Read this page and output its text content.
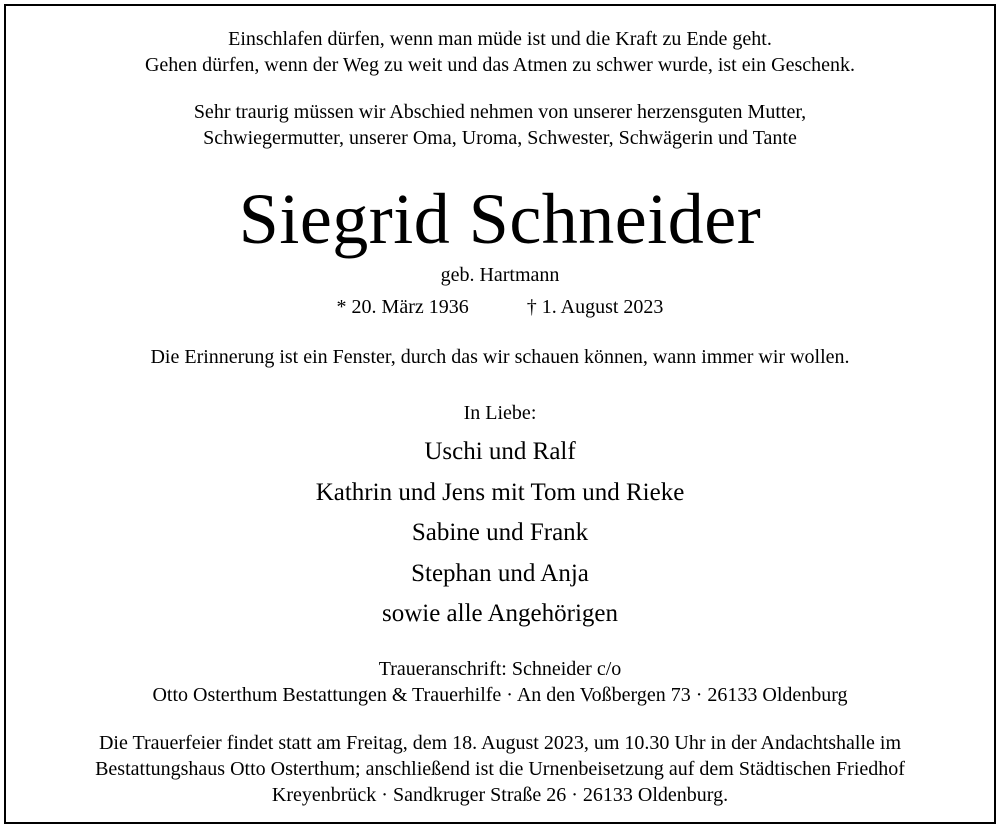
Einschlafen dürfen, wenn man müde ist und die Kraft zu Ende geht.
Gehen dürfen, wenn der Weg zu weit und das Atmen zu schwer wurde, ist ein Geschenk.
Sehr traurig müssen wir Abschied nehmen von unserer herzensguten Mutter,
Schwiegermutter, unserer Oma, Uroma, Schwester, Schwägerin und Tante
Siegrid Schneider
geb. Hartmann
* 20. März 1936	† 1. August 2023
Die Erinnerung ist ein Fenster, durch das wir schauen können, wann immer wir wollen.
In Liebe:
Uschi und Ralf
Kathrin und Jens mit Tom und Rieke
Sabine und Frank
Stephan und Anja
sowie alle Angehörigen
Traueranschrift: Schneider c/o
Otto Osterthum Bestattungen & Trauerhilfe · An den Voßbergen 73 · 26133 Oldenburg
Die Trauerfeier findet statt am Freitag, dem 18. August 2023, um 10.30 Uhr in der Andachtshalle im
Bestattungshaus Otto Osterthum; anschließend ist die Urnenbeisetzung auf dem Städtischen Friedhof
Kreyenbrück · Sandkruger Straße 26 · 26133 Oldenburg.
